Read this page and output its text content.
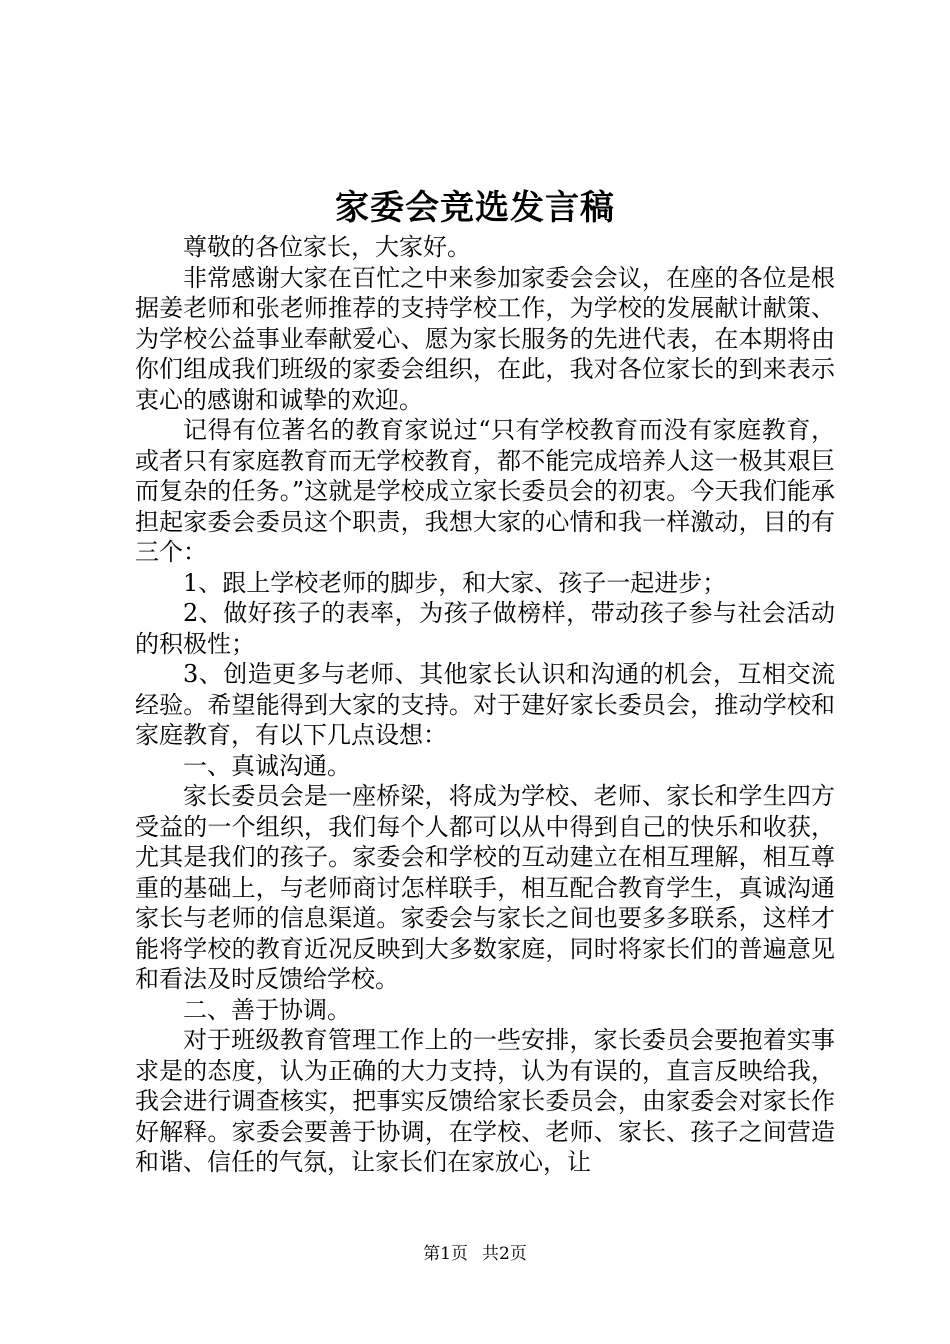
家委会竞选发言稿

尊敬的各位家长，大家好。

非常感谢大家在百忙之中来参加家委会会议，在座的各位是根据姜老师和张老师推荐的支持学校工作，为学校的发展献计献策、为学校公益事业奉献爱心、愿为家长服务的先进代表，在本期将由你们组成我们班级的家委会组织，在此，我对各位家长的到来表示衷心的感谢和诚挚的欢迎。

记得有位著名的教育家说过“只有学校教育而没有家庭教育，或者只有家庭教育而无学校教育，都不能完成培养人这一极其艰巨而复杂的任务。”这就是学校成立家长委员会的初衷。今天我们能承担起家委会委员这个职责，我想大家的心情和我一样激动，目的有三个：

1、跟上学校老师的脚步，和大家、孩子一起进步；

2、做好孩子的表率，为孩子做榜样，带动孩子参与社会活动的积极性；

3、创造更多与老师、其他家长认识和沟通的机会，互相交流经验。希望能得到大家的支持。对于建好家长委员会，推动学校和家庭教育，有以下几点设想：

一、真诚沟通。

家长委员会是一座桥梁，将成为学校、老师、家长和学生四方受益的一个组织，我们每个人都可以从中得到自己的快乐和收获，尤其是我们的孩子。家委会和学校的互动建立在相互理解，相互尊重的基础上，与老师商讨怎样联手，相互配合教育学生，真诚沟通家长与老师的信息渠道。家委会与家长之间也要多多联系，这样才能将学校的教育近况反映到大多数家庭，同时将家长们的普遍意见和看法及时反馈给学校。

二、善于协调。

对于班级教育管理工作上的一些安排，家长委员会要抱着实事求是的态度，认为正确的大力支持，认为有误的，直言反映给我，我会进行调查核实，把事实反馈给家长委员会，由家委会对家长作好解释。家委会要善于协调，在学校、老师、家长、孩子之间营造和谐、信任的气氛，让家长们在家放心，让

第1页 共2页
